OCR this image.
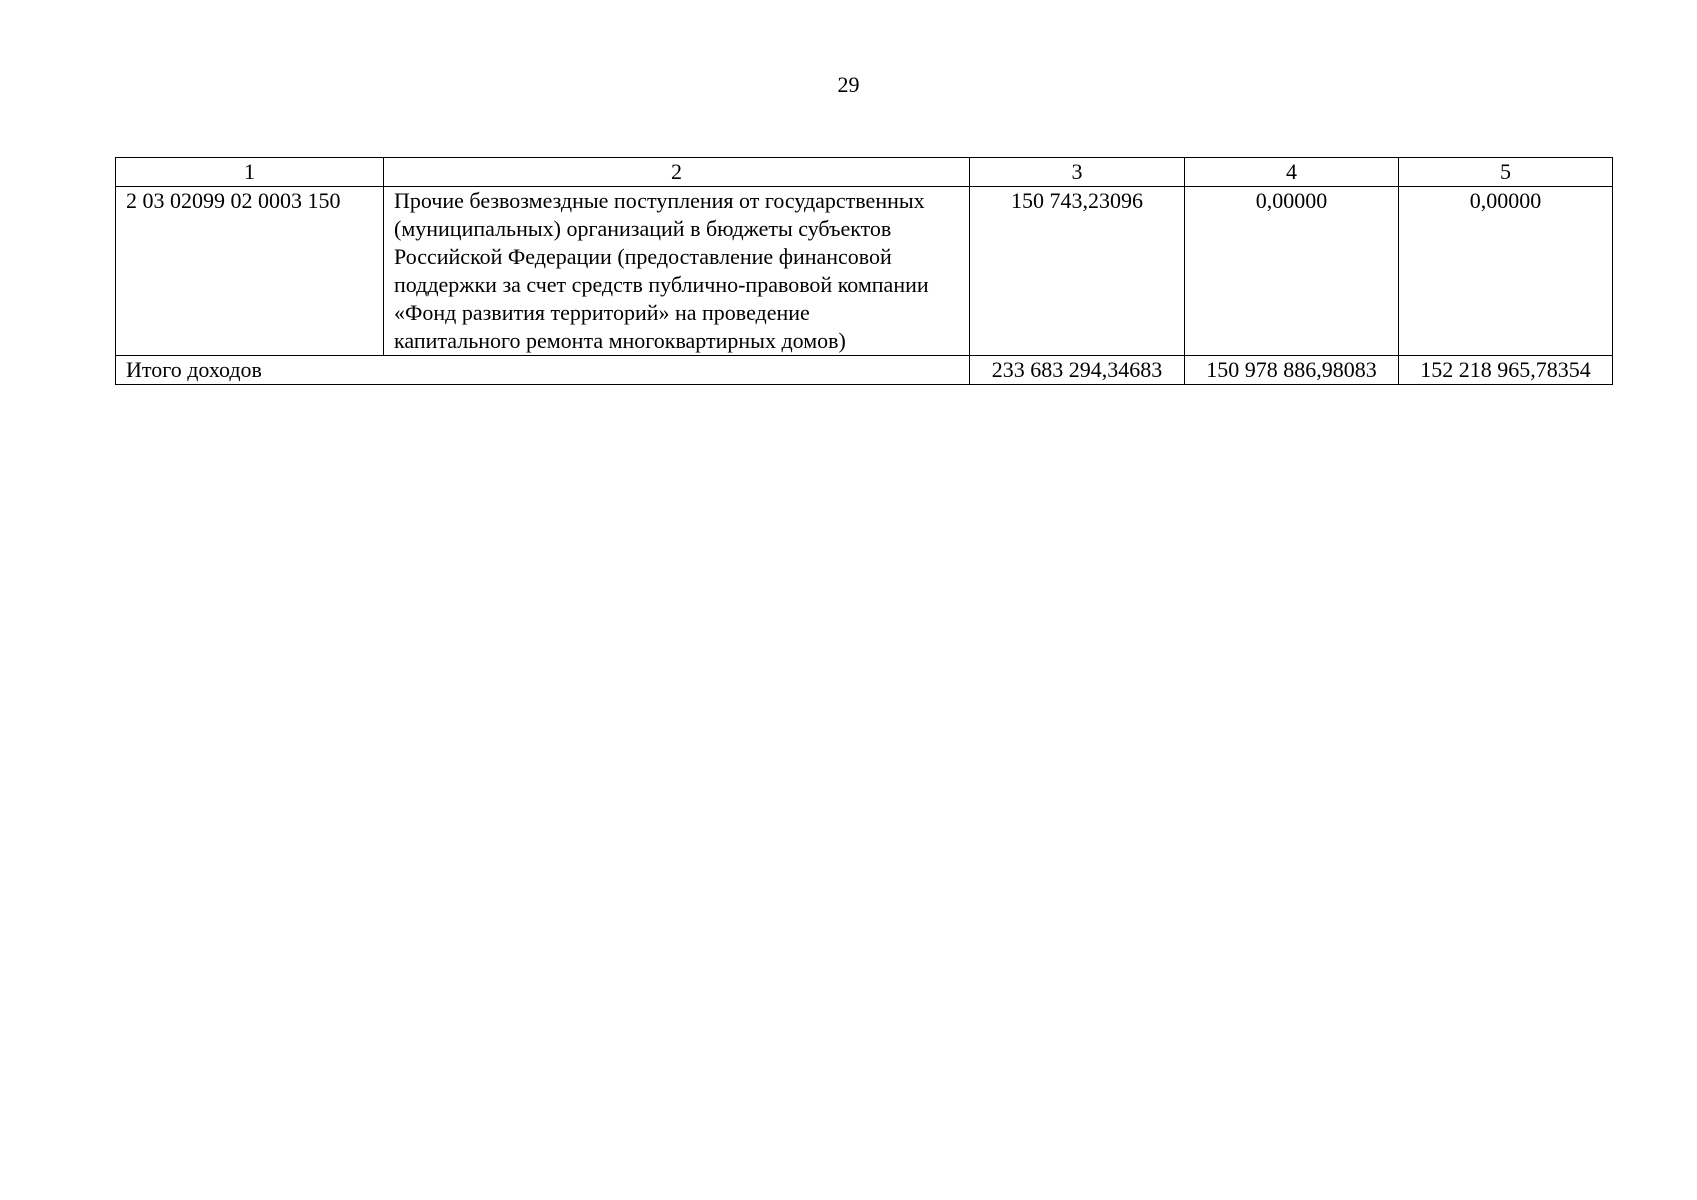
29
1	2	3	4	5
2 03 02099 02 0003 150	Прочие безвозмездные поступления от государственных (муниципальных) организаций в бюджеты субъектов Российской Федерации (предоставление финансовой поддержки за счет средств публично-правовой компании «Фонд развития территорий» на проведение капитального ремонта многоквартирных домов)	150 743,23096	0,00000	0,00000
Итого доходов		233 683 294,34683	150 978 886,98083	152 218 965,78354
